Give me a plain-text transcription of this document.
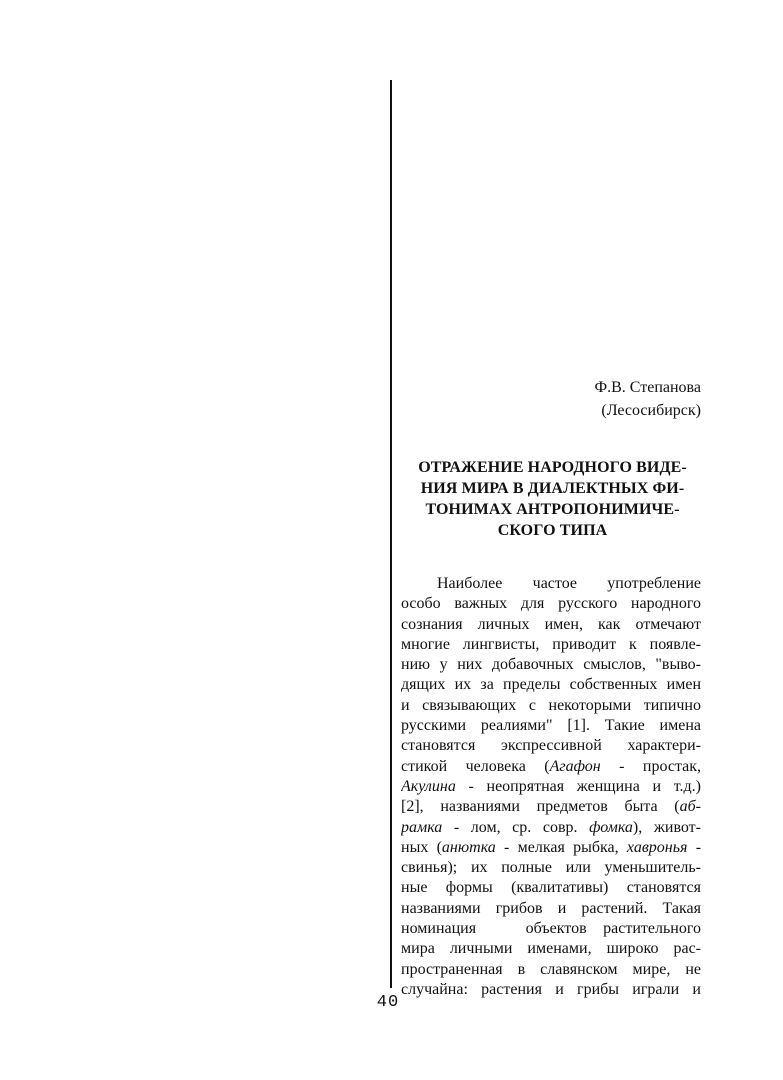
Ф.В. Степанова
(Лесосибирск)
ОТРАЖЕНИЕ НАРОДНОГО ВИДЕ-
НИЯ МИРА В ДИАЛЕКТНЫХ ФИ-
ТОНИМАХ АНТРОПОНИМИЧЕ-
СКОГО ТИПА
Наиболее частое употребление
особо важных для русского народного
сознания личных имен, как отмечают
многие лингвисты, приводит к появле-
нию у них добавочных смыслов, "выво-
дящих их за пределы собственных имен
и связывающих с некоторыми типично
русскими реалиями" [1]. Такие имена
становятся экспрессивной характери-
стикой человека (Агафон - простак,
Акулина - неопрятная женщина и т.д.)
[2], названиями предметов быта (аб-
рамка - лом, ср. совр. фомка), живот-
ных (анютка - мелкая рыбка, хавронья -
свинья); их полные или уменьшитель-
ные формы (квалитативы) становятся
названиями грибов и растений. Такая
номинация   объектов растительного
мира личными именами, широко рас-
пространенная в славянском мире, не
случайна: растения и грибы играли и
40
